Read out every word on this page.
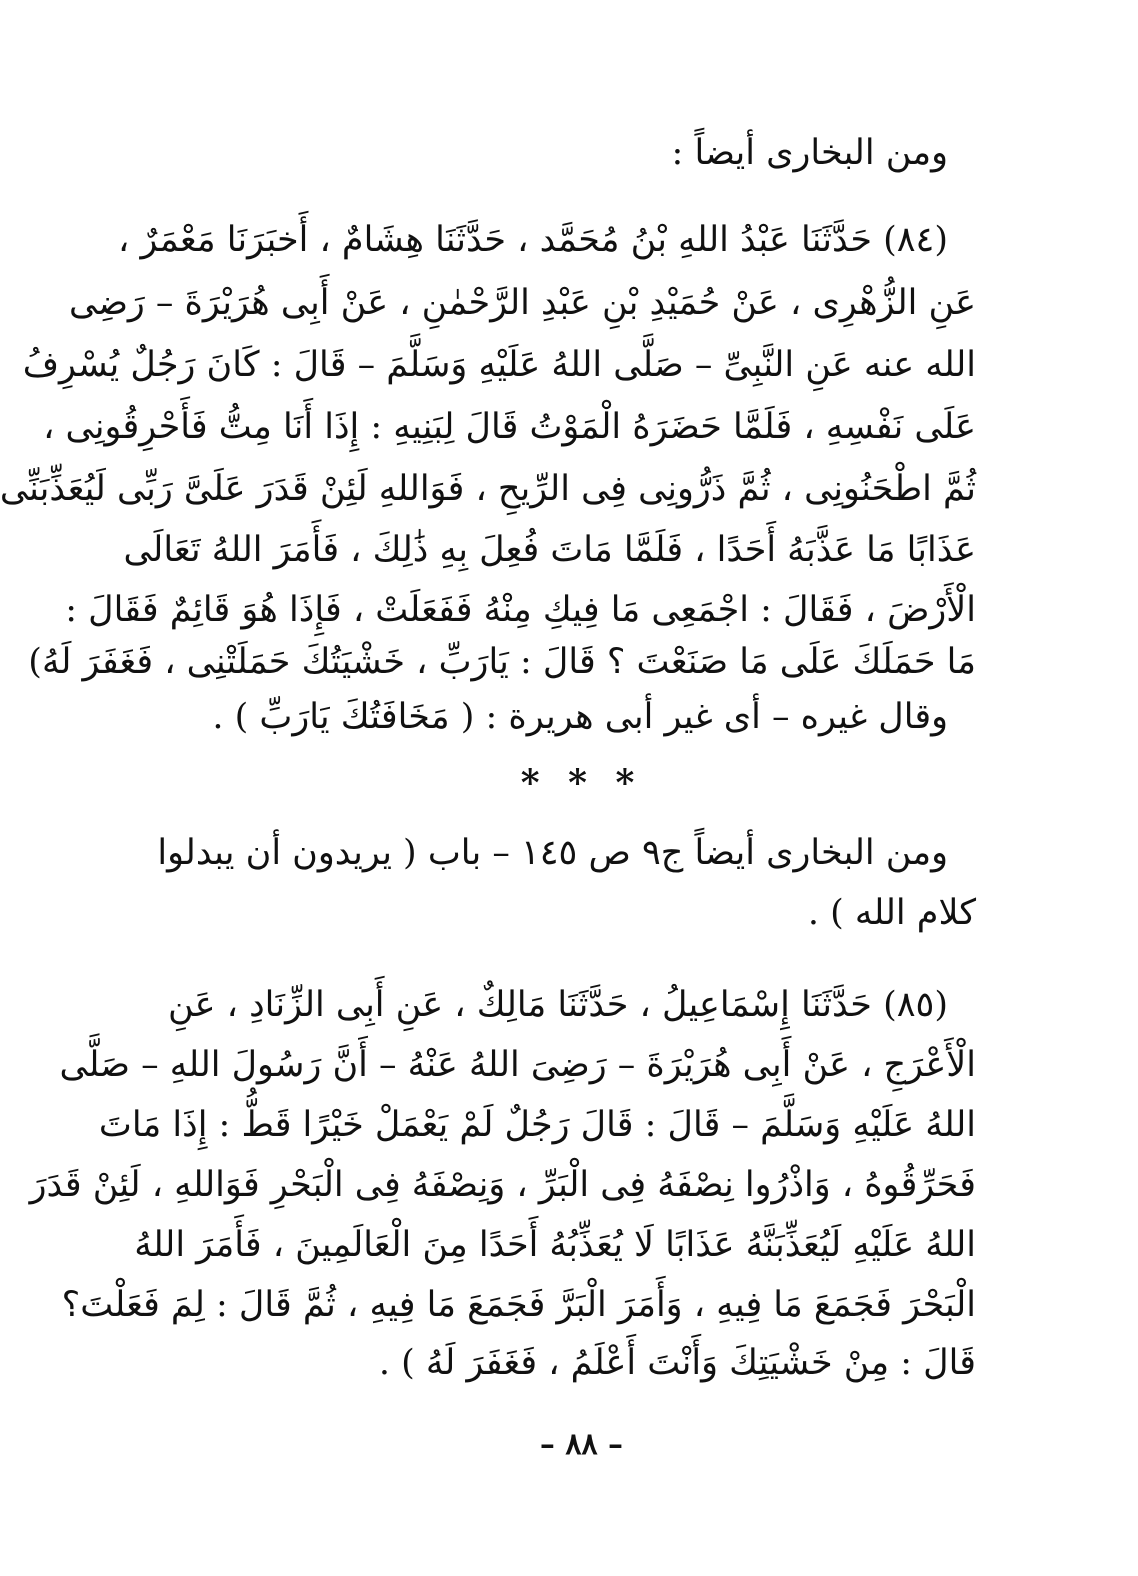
ومن البخارى أيضاً :
(٨٤) حَدَّثَنَا عَبْدُ اللهِ بْنُ مُحَمَّد ، حَدَّثَنَا هِشَامٌ ، أَخبَرَنَا مَعْمَرٌ ،
عَنِ الزُّهْرِى ، عَنْ حُمَيْدِ بْنِ عَبْدِ الرَّحْمٰنِ ، عَنْ أَبِى هُرَيْرَةَ – رَضِى
الله عنه عَنِ النَّبِىِّ – صَلَّى اللهُ عَلَيْهِ وَسَلَّمَ – قَالَ : كَانَ رَجُلٌ يُسْرِفُ
عَلَى نَفْسِهِ ، فَلَمَّا حَضَرَهُ الْمَوْتُ قَالَ لِبَنِيهِ : إِذَا أَنَا مِتُّ فَأَحْرِقُونِى ،
ثُمَّ اطْحَنُونِى ، ثُمَّ ذَرُّونِى فِى الرِّيحِ ، فَوَاللهِ لَئِنْ قَدَرَ عَلَىَّ رَبِّى لَيُعَذِّبَنِّى
عَذَابًا مَا عَذَّبَهُ أَحَدًا ، فَلَمَّا مَاتَ فُعِلَ بِهِ ذَٰلِكَ ، فَأَمَرَ اللهُ تَعَالَى
الْأَرْضَ ، فَقَالَ : اجْمَعِى مَا فِيكِ مِنْهُ فَفَعَلَتْ ، فَإِذَا هُوَ قَائِمٌ فَقَالَ :
مَا حَمَلَكَ عَلَى مَا صَنَعْتَ ؟ قَالَ : يَارَبِّ ، خَشْيَتُكَ حَمَلَتْنِى ، فَغَفَرَ لَهُ)
وقال غيره – أى غير أبى هريرة : ( مَخَافَتُكَ يَارَبِّ ) .
* * *
ومن البخارى أيضاً ج٩ ص ١٤٥ – باب ( يريدون أن يبدلوا
كلام الله ) .
(٨٥) حَدَّثَنَا إِسْمَاعِيلُ ، حَدَّثَنَا مَالِكٌ ، عَنِ أَبِى الزِّنَادِ ، عَنِ
الْأَعْرَجِ ، عَنْ أَبِى هُرَيْرَةَ – رَضِىَ اللهُ عَنْهُ – أَنَّ رَسُولَ اللهِ – صَلَّى
اللهُ عَلَيْهِ وَسَلَّمَ – قَالَ : قَالَ رَجُلٌ لَمْ يَعْمَلْ خَيْرًا قَطُّ : إِذَا مَاتَ
فَحَرِّقُوهُ ، وَاذْرُوا نِصْفَهُ فِى الْبَرِّ ، وَنِصْفَهُ فِى الْبَحْرِ فَوَاللهِ ، لَئِنْ قَدَرَ
اللهُ عَلَيْهِ لَيُعَذِّبَنَّهُ عَذَابًا لَا يُعَذِّبُهُ أَحَدًا مِنَ الْعَالَمِينَ ، فَأَمَرَ اللهُ
الْبَحْرَ فَجَمَعَ مَا فِيهِ ، وَأَمَرَ الْبَرَّ فَجَمَعَ مَا فِيهِ ، ثُمَّ قَالَ : لِمَ فَعَلْتَ؟
قَالَ : مِنْ خَشْيَتِكَ وَأَنْتَ أَعْلَمُ ، فَغَفَرَ لَهُ ) .
– ٨٨ –
